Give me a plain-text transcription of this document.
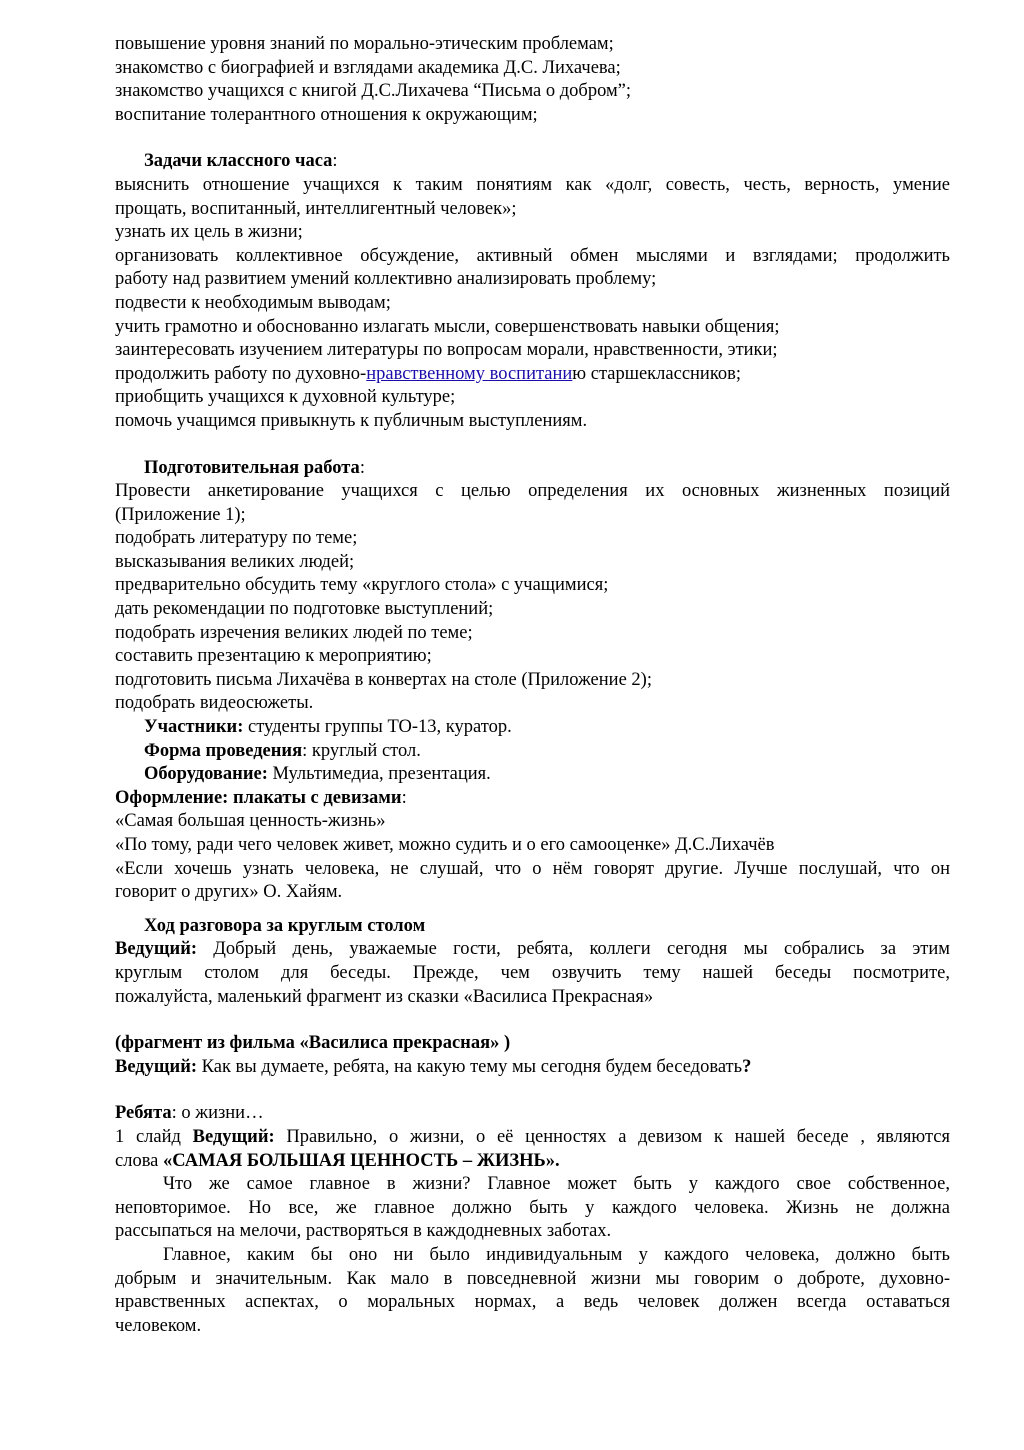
повышение уровня знаний по морально-этическим проблемам;
знакомство с биографией и взглядами академика Д.С. Лихачева;
знакомство учащихся с книгой Д.С.Лихачева “Письма о добром”;
воспитание толерантного отношения к окружающим;
Задачи классного часа:
выяснить отношение учащихся к таким понятиям как «долг, совесть, честь, верность, умение
прощать, воспитанный, интеллигентный человек»;
узнать их цель в жизни;
организовать коллективное обсуждение, активный обмен мыслями и взглядами; продолжить
работу над развитием умений коллективно анализировать проблему;
подвести к необходимым выводам;
учить грамотно и обоснованно излагать мысли, совершенствовать навыки общения;
заинтересовать изучением литературы по вопросам морали, нравственности, этики;
продолжить работу по духовно-нравственному воспитанию старшеклассников;
приобщить учащихся к духовной культуре;
помочь учащимся привыкнуть к публичным выступлениям.
Подготовительная работа:
Провести анкетирование учащихся с целью определения их основных жизненных позиций
(Приложение 1);
подобрать литературу по теме;
высказывания великих людей;
предварительно обсудить тему «круглого стола» с учащимися;
дать рекомендации по подготовке выступлений;
подобрать изречения великих людей по теме;
составить презентацию к мероприятию;
подготовить письма Лихачёва в конвертах на столе (Приложение 2);
подобрать видеосюжеты.
Участники: студенты группы ТО-13, куратор.
Форма проведения: круглый стол.
Оборудование: Мультимедиа, презентация.
Оформление: плакаты с девизами:
«Самая большая ценность-жизнь»
«По тому, ради чего человек живет, можно судить и о его самооценке» Д.С.Лихачёв
«Если хочешь узнать человека, не слушай, что о нём говорят другие. Лучше послушай, что он
говорит о других» О. Хайям.
Ход разговора за круглым столом
Ведущий: Добрый день, уважаемые гости, ребята, коллеги сегодня мы собрались за этим
круглым столом для беседы. Прежде, чем озвучить тему нашей беседы посмотрите,
пожалуйста, маленький фрагмент из сказки «Василиса Прекрасная»
(фрагмент из фильма «Василиса прекрасная» )
Ведущий: Как вы думаете, ребята, на какую тему мы сегодня будем беседовать?
Ребята: о жизни…
1 слайд Ведущий: Правильно, о жизни, о её ценностях а девизом к нашей беседе , являются
слова «САМАЯ БОЛЬШАЯ ЦЕННОСТЬ – ЖИЗНЬ».
Что же самое главное в жизни? Главное может быть у каждого свое собственное,
неповторимое. Но все, же главное должно быть у каждого человека. Жизнь не должна
рассыпаться на мелочи, растворяться в каждодневных заботах.
Главное, каким бы оно ни было индивидуальным у каждого человека, должно быть
добрым и значительным. Как мало в повседневной жизни мы говорим о доброте, духовно-
нравственных аспектах, о моральных нормах, а ведь человек должен всегда оставаться
человеком.
